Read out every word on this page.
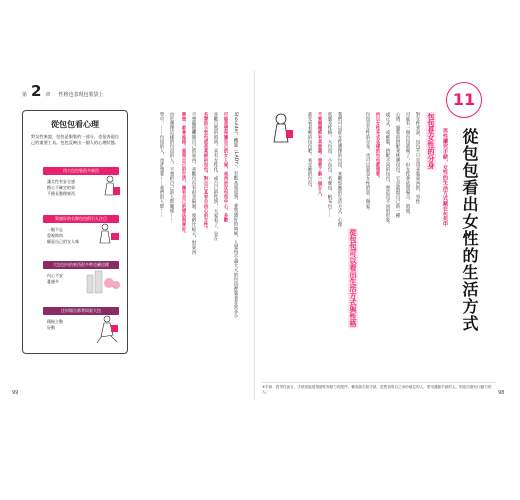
第 2 章 性格也表現包裝袋上
從包包看心理
對女性來說，包包是服裝的一部分，也是表現自己的重要工具。包包反映出一個人的心理狀態。
用大包包裝很多東西
讓女性有安全感
擔心不確定的事
不擅長整理東西
質感好的名牌包包很引人注目
一眼不忘
重視時尚
願意自己的女人味
大包包內的東西很多時也屬這樣
內心不安
憂慮多
任何場合都背同款大包
積極主動
好動
Shoulder，機能（LADY），有點高貴成熟，會質感好的時候，人覺得不盡大大的包包裡裝著非常多小
可能是想保護自己的女人味，東西放在包包中心，多數
喜歡自然的時尚。具有女性化，或自已的性別，大家看了，是在
名牌的小型包或是高級的包包，對自己具有自信心的女性。
不想隨便攤開自己的東西，喜歡包包有很多隔層，收納比較大，對東西
夢想：都會風格。重視自己的生活，擁有自己的想法與喜好。
由於選擇這樣的包包的人，不想把自己的人際關係……
學中，……包包的人，也許想要……我們的人際……
99
11
從包包看出女性的生活方式
男性讀完手錶，女性的生活方式藏在包包中
包包是女性的分身
對女性來說，包包不只是用來裝東西的，男性
可能有一個包包就夠了，但女性會依照場合、時間、
心情、服裝的搭配來挑選包包。它是展現自己的一種
或正式，或輕鬆，搭配不同的包包，塑造出不同的形象。
所以女性各式各樣的包包都想要。
包包是女性的分身，也可以說是女性的第二個家。
從包包可以看出生活方式與性格
我們可以從女性選擇的包包，來觀察她的生活方式、心理
狀態及性格。大包包、小包包、名牌包、帆布包……
不管哪種都有其意義。想要了解一個女人，
就先看看她的包包吧。看完她的包包，
※手錶：對男性而言，手錶是能展現個性與財力的配件。戴高級名錶手錶，是想表現自己身份地位的人，愛用運動手錶的人，則是活潑有行動力的人。	98
